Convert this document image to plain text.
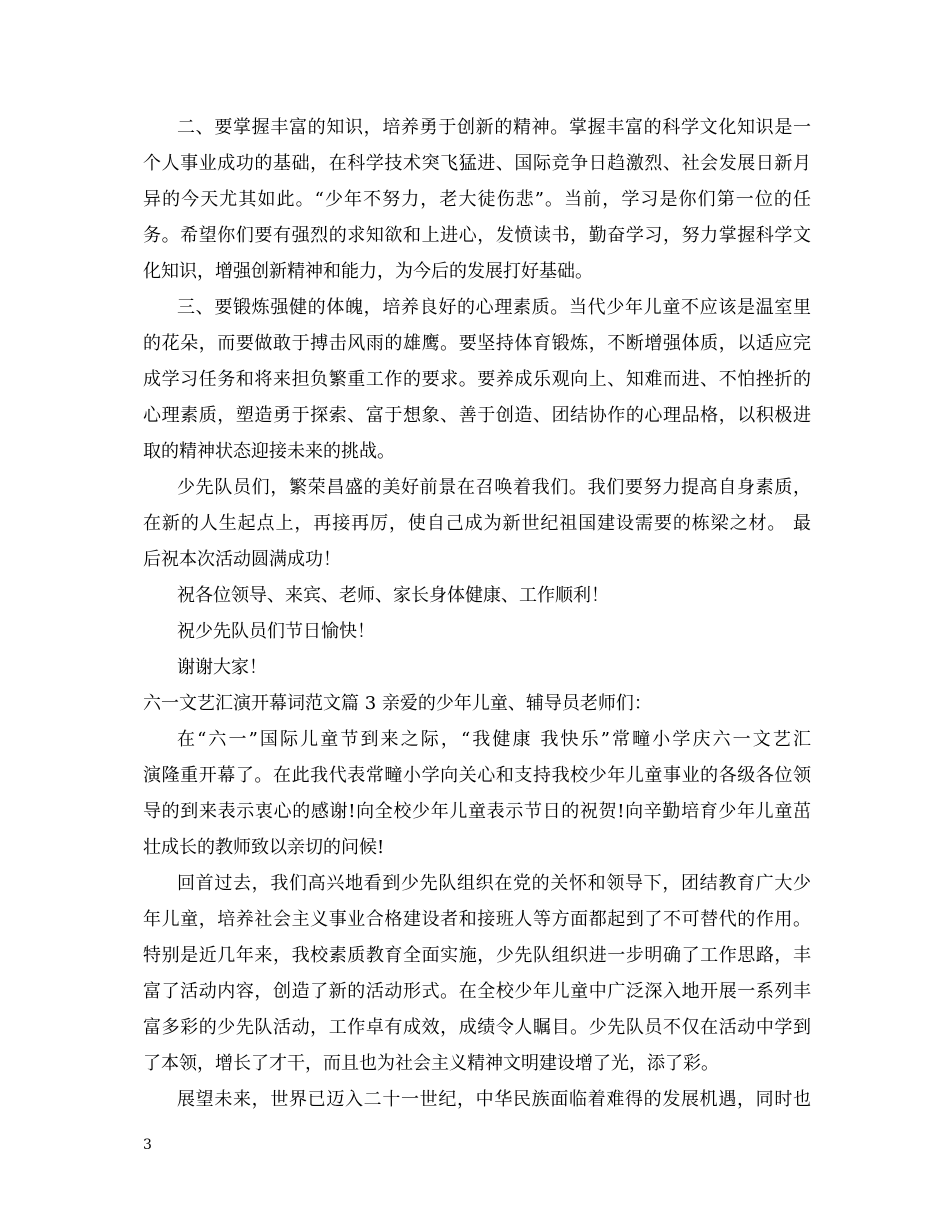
二、要掌握丰富的知识，培养勇于创新的精神。掌握丰富的科学文化知识是一
个人事业成功的基础，在科学技术突飞猛进、国际竞争日趋激烈、社会发展日新月
异的今天尤其如此。“少年不努力，老大徒伤悲”。当前，学习是你们第一位的任
务。希望你们要有强烈的求知欲和上进心，发愤读书，勤奋学习，努力掌握科学文
化知识，增强创新精神和能力，为今后的发展打好基础。
三、要锻炼强健的体魄，培养良好的心理素质。当代少年儿童不应该是温室里
的花朵，而要做敢于搏击风雨的雄鹰。要坚持体育锻炼，不断增强体质，以适应完
成学习任务和将来担负繁重工作的要求。要养成乐观向上、知难而进、不怕挫折的
心理素质，塑造勇于探索、富于想象、善于创造、团结协作的心理品格，以积极进
取的精神状态迎接未来的挑战。
少先队员们，繁荣昌盛的美好前景在召唤着我们。我们要努力提高自身素质，
在新的人生起点上，再接再厉，使自己成为新世纪祖国建设需要的栋梁之材。 最
后祝本次活动圆满成功！
祝各位领导、来宾、老师、家长身体健康、工作顺利！
祝少先队员们节日愉快！
谢谢大家！
六一文艺汇演开幕词范文篇 3 亲爱的少年儿童、辅导员老师们：
在“六一”国际儿童节到来之际，“我健康 我快乐”常疃小学庆六一文艺汇
演隆重开幕了。在此我代表常疃小学向关心和支持我校少年儿童事业的各级各位领
导的到来表示衷心的感谢!向全校少年儿童表示节日的祝贺!向辛勤培育少年儿童茁
壮成长的教师致以亲切的问候!
回首过去，我们高兴地看到少先队组织在党的关怀和领导下，团结教育广大少
年儿童，培养社会主义事业合格建设者和接班人等方面都起到了不可替代的作用。
特别是近几年来，我校素质教育全面实施，少先队组织进一步明确了工作思路，丰
富了活动内容，创造了新的活动形式。在全校少年儿童中广泛深入地开展一系列丰
富多彩的少先队活动，工作卓有成效，成绩令人瞩目。少先队员不仅在活动中学到
了本领，增长了才干，而且也为社会主义精神文明建设增了光，添了彩。
展望未来，世界已迈入二十一世纪，中华民族面临着难得的发展机遇，同时也
3
